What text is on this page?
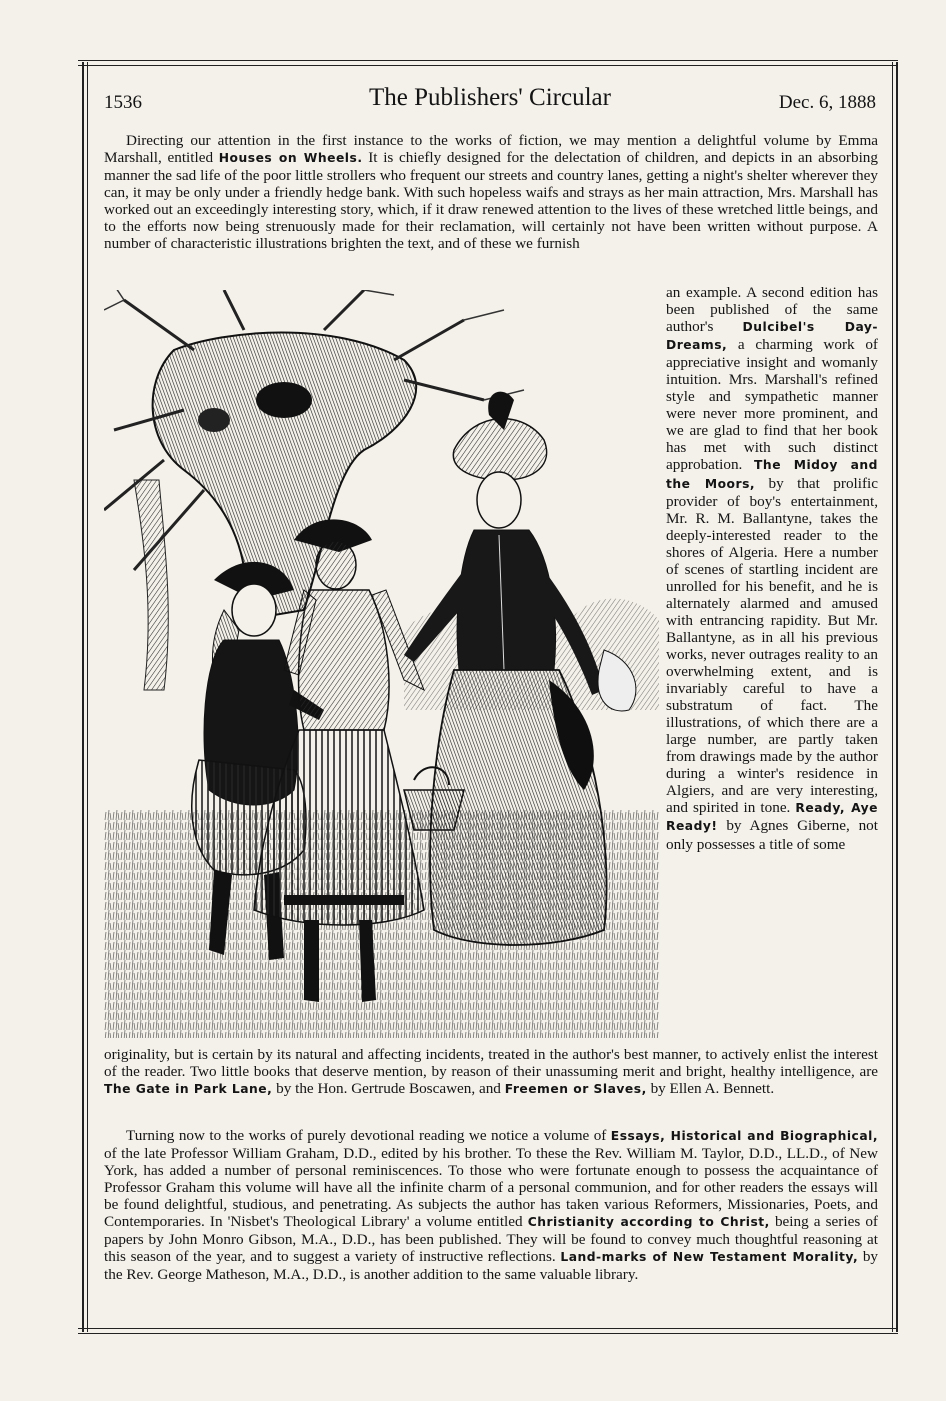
1536	The Publishers' Circular	Dec. 6, 1888

Directing our attention in the first instance to the works of fiction, we may mention a delightful volume by Emma Marshall, entitled Houses on Wheels. It is chiefly designed for the delectation of children, and depicts in an absorbing manner the sad life of the poor little strollers who frequent our streets and country lanes, getting a night's shelter wherever they can, it may be only under a friendly hedge bank. With such hopeless waifs and strays as her main attraction, Mrs. Marshall has worked out an exceedingly interesting story, which, if it draw renewed attention to the lives of these wretched little beings, and to the efforts now being strenuously made for their reclamation, will certainly not have been written without purpose. A number of characteristic illustrations brighten the text, and of these we furnish

an example. A second edition has been published of the same author's Dulcibel's Day-Dreams, a charming work of appreciative insight and womanly intuition. Mrs. Marshall's refined style and sympathetic manner were never more prominent, and we are glad to find that her book has met with such distinct approbation. The Midoy and the Moors, by that prolific provider of boy's entertainment, Mr. R. M. Ballantyne, takes the deeply-interested reader to the shores of Algeria. Here a number of scenes of startling incident are unrolled for his benefit, and he is alternately alarmed and amused with entrancing rapidity. But Mr. Ballantyne, as in all his previous works, never outrages reality to an overwhelming extent, and is invariably careful to have a substratum of fact. The illustrations, of which there are a large number, are partly taken from drawings made by the author during a winter's residence in Algiers, and are very interesting, and spirited in tone. Ready, Aye Ready! by Agnes Giberne, not only possesses a title of some

originality, but is certain by its natural and affecting incidents, treated in the author's best manner, to actively enlist the interest of the reader. Two little books that deserve mention, by reason of their unassuming merit and bright, healthy intelligence, are The Gate in Park Lane, by the Hon. Gertrude Boscawen, and Freemen or Slaves, by Ellen A. Bennett.

Turning now to the works of purely devotional reading we notice a volume of Essays, Historical and Biographical, of the late Professor William Graham, D.D., edited by his brother. To these the Rev. William M. Taylor, D.D., LL.D., of New York, has added a number of personal reminiscences. To those who were fortunate enough to possess the acquaintance of Professor Graham this volume will have all the infinite charm of a personal communion, and for other readers the essays will be found delightful, studious, and penetrating. As subjects the author has taken various Reformers, Missionaries, Poets, and Contemporaries. In 'Nisbet's Theological Library' a volume entitled Christianity according to Christ, being a series of papers by John Monro Gibson, M.A., D.D., has been published. They will be found to convey much thoughtful reasoning at this season of the year, and to suggest a variety of instructive reflections. Land-marks of New Testament Morality, by the Rev. George Matheson, M.A., D.D., is another addition to the same valuable library.
